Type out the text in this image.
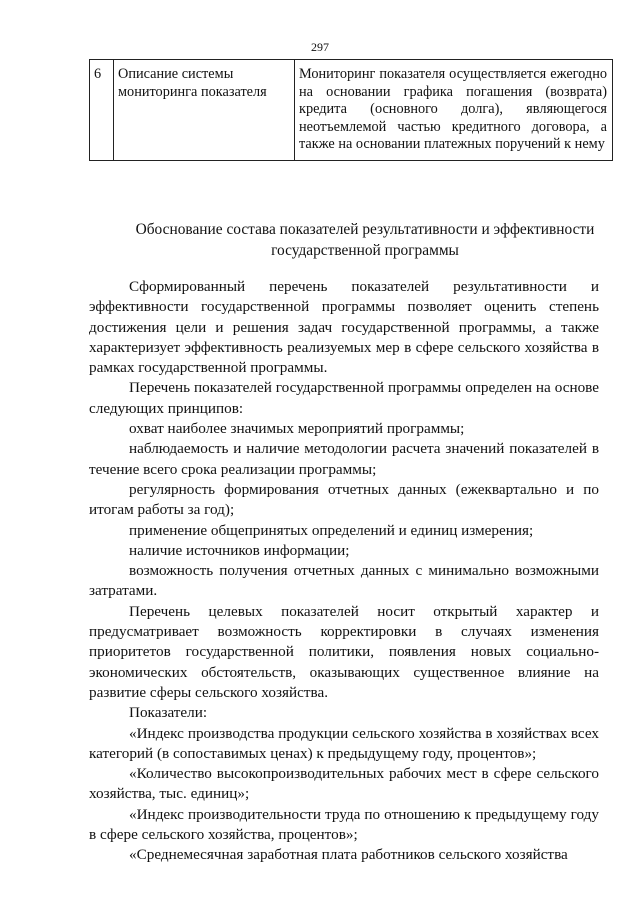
297
6	Описание системы мониторинга показателя	Мониторинг показателя осуществляется ежегодно на основании графика погашения (возврата) кредита (основного долга), являющегося неотъемлемой частью кредитного договора, а также на основании платежных поручений к нему
Обоснование состава показателей результативности и эффективности государственной программы

Сформированный перечень показателей результативности и эффективности государственной программы позволяет оценить степень достижения цели и решения задач государственной программы, а также характеризует эффективность реализуемых мер в сфере сельского хозяйства в рамках государственной программы.

Перечень показателей государственной программы определен на основе следующих принципов:

охват наиболее значимых мероприятий программы;

наблюдаемость и наличие методологии расчета значений показателей в течение всего срока реализации программы;

регулярность формирования отчетных данных (ежеквартально и по итогам работы за год);

применение общепринятых определений и единиц измерения;

наличие источников информации;

возможность получения отчетных данных с минимально возможными затратами.

Перечень целевых показателей носит открытый характер и предусматривает возможность корректировки в случаях изменения приоритетов государственной политики, появления новых социально-экономических обстоятельств, оказывающих существенное влияние на развитие сферы сельского хозяйства.

Показатели:

«Индекс производства продукции сельского хозяйства в хозяйствах всех категорий (в сопоставимых ценах) к предыдущему году, процентов»;

«Количество высокопроизводительных рабочих мест в сфере сельского хозяйства, тыс. единиц»;

«Индекс производительности труда по отношению к предыдущему году в сфере сельского хозяйства, процентов»;

«Среднемесячная заработная плата работников сельского хозяйства
